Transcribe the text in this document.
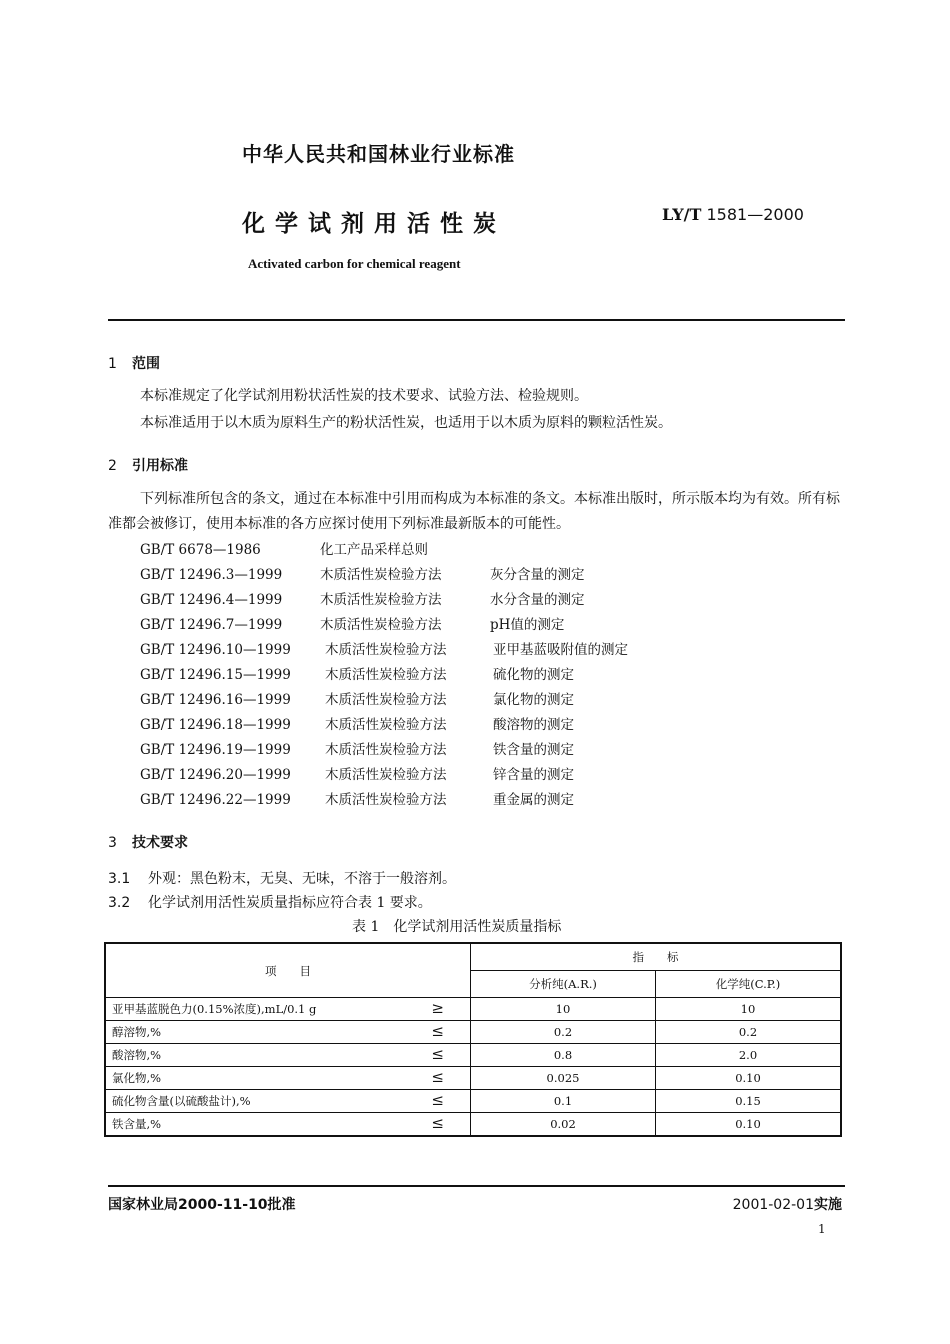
中华人民共和国林业行业标准
化学试剂用活性炭	LY/T 1581—2000
Activated carbon for chemical reagent
1 范围
本标准规定了化学试剂用粉状活性炭的技术要求、试验方法、检验规则。
本标准适用于以木质为原料生产的粉状活性炭，也适用于以木质为原料的颗粒活性炭。
2 引用标准
下列标准所包含的条文，通过在本标准中引用而构成为本标准的条文。本标准出版时，所示版本均为有效。所有标准都会被修订，使用本标准的各方应探讨使用下列标准最新版本的可能性。
GB/T 6678—1986	化工产品采样总则
GB/T 12496.3—1999	木质活性炭检验方法	灰分含量的测定
GB/T 12496.4—1999	木质活性炭检验方法	水分含量的测定
GB/T 12496.7—1999	木质活性炭检验方法	pH值的测定
GB/T 12496.10—1999	木质活性炭检验方法	亚甲基蓝吸附值的测定
GB/T 12496.15—1999	木质活性炭检验方法	硫化物的测定
GB/T 12496.16—1999	木质活性炭检验方法	氯化物的测定
GB/T 12496.18—1999	木质活性炭检验方法	酸溶物的测定
GB/T 12496.19—1999	木质活性炭检验方法	铁含量的测定
GB/T 12496.20—1999	木质活性炭检验方法	锌含量的测定
GB/T 12496.22—1999	木质活性炭检验方法	重金属的测定
3 技术要求
3.1 外观：黑色粉末，无臭、无味，不溶于一般溶剂。
3.2 化学试剂用活性炭质量指标应符合表 1 要求。
表 1　化学试剂用活性炭质量指标
项　　目	指　　标	
	分析纯(A.R.)	化学纯(C.P.)
亚甲基蓝脱色力(0.15%浓度),mL/0.1 g ≥	10	10
醇溶物,% ≤	0.2	0.2
酸溶物,% ≤	0.8	2.0
氯化物,% ≤	0.025	0.10
硫化物含量(以硫酸盐计),% ≤	0.1	0.15
铁含量,% ≤	0.02	0.10
国家林业局2000-11-10批准	2001-02-01实施
1
